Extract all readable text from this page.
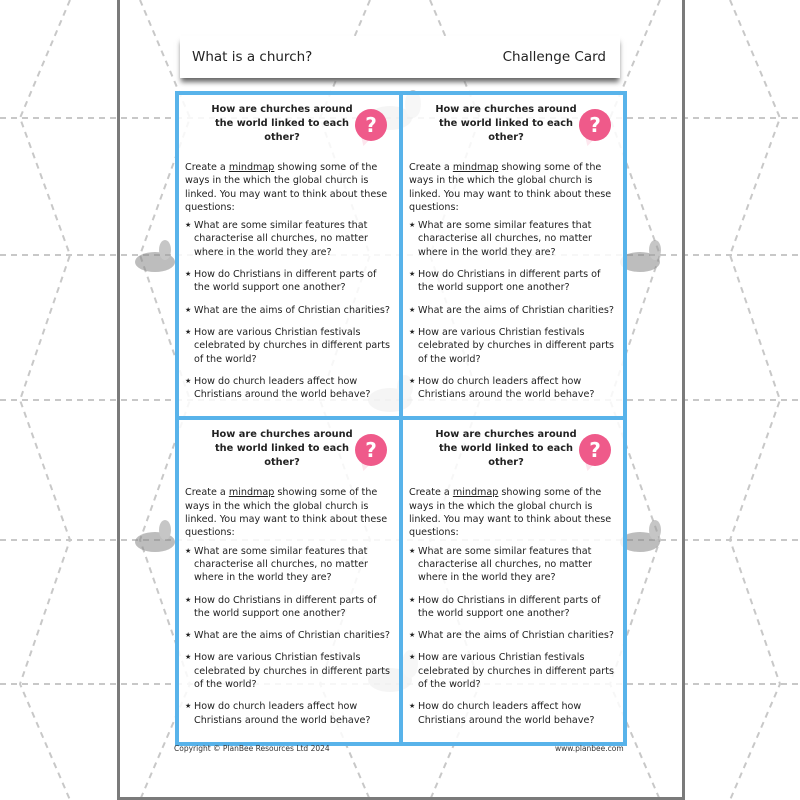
What is a church?	Challenge Card
How are churches around the world linked to each other?
?
Create a mindmap showing some of the ways in the which the global church is linked. You may want to think about these questions:
★ What are some similar features that characterise all churches, no matter where in the world they are?
★ How do Christians in different parts of the world support one another?
★ What are the aims of Christian charities?
★ How are various Christian festivals celebrated by churches in different parts of the world?
★ How do church leaders affect how Christians around the world behave?
How are churches around the world linked to each other?
?
Create a mindmap showing some of the ways in the which the global church is linked. You may want to think about these questions:
★ What are some similar features that characterise all churches, no matter where in the world they are?
★ How do Christians in different parts of the world support one another?
★ What are the aims of Christian charities?
★ How are various Christian festivals celebrated by churches in different parts of the world?
★ How do church leaders affect how Christians around the world behave?
How are churches around the world linked to each other?
?
Create a mindmap showing some of the ways in the which the global church is linked. You may want to think about these questions:
★ What are some similar features that characterise all churches, no matter where in the world they are?
★ How do Christians in different parts of the world support one another?
★ What are the aims of Christian charities?
★ How are various Christian festivals celebrated by churches in different parts of the world?
★ How do church leaders affect how Christians around the world behave?
How are churches around the world linked to each other?
?
Create a mindmap showing some of the ways in the which the global church is linked. You may want to think about these questions:
★ What are some similar features that characterise all churches, no matter where in the world they are?
★ How do Christians in different parts of the world support one another?
★ What are the aims of Christian charities?
★ How are various Christian festivals celebrated by churches in different parts of the world?
★ How do church leaders affect how Christians around the world behave?
Copyright © PlanBee Resources Ltd 2024	www.planbee.com
